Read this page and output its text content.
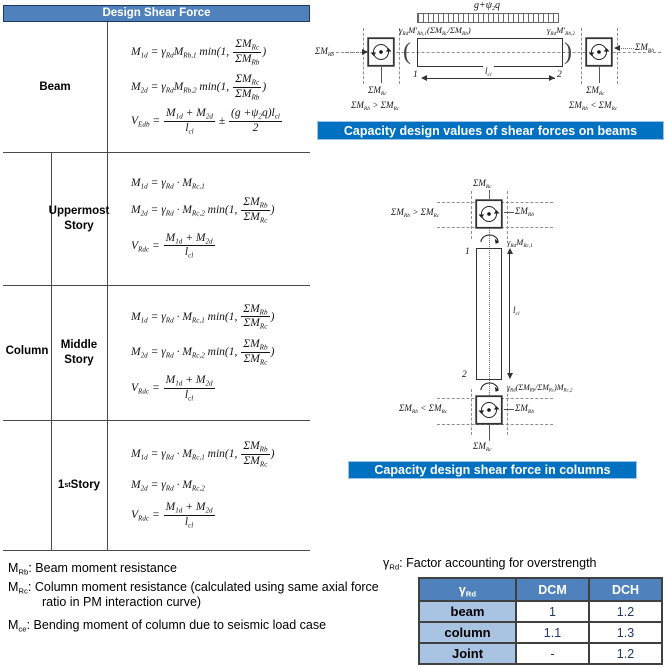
Design Shear Force
Beam
$M_{1d} = \gamma_{Rd}M_{Rb,1}$ min(1, $\frac{\Sigma M_{Rc}}{\Sigma M_{Rb}}$ )
$M_{2d} = \gamma_{Rd}M_{Rb,2}$ min(1, $\frac{\Sigma M_{Rc}}{\Sigma M_{Rb}}$ )
$V_{Edb} = \frac{M_{1d} + M_{2d}}{l_{cl}} \pm \frac{(g +\psi_2q)l_{cl}}{2}$
Column
Uppermost Story
$M_{1d} = \gamma_{Rd} \cdot M_{Rc,1}$
$M_{2d} = \gamma_{Rd} \cdot M_{Rc,2}$ min(1, $\frac{\Sigma M_{Rb}}{\Sigma M_{Rc}}$ )
$V_{Rdc} = \frac{M_{1d} + M_{2d}}{l_{cl}}$
Middle Story
$M_{1d} = \gamma_{Rd} \cdot M_{Rc,1}$ min(1, $\frac{\Sigma M_{Rb}}{\Sigma M_{Rc}}$ )
$M_{2d} = \gamma_{Rd} \cdot M_{Rc,2}$ min(1, $\frac{\Sigma M_{Rb}}{\Sigma M_{Rc}}$ )
$V_{Rdc} = \frac{M_{1d} + M_{2d}}{l_{cl}}$
1 st Story
$M_{1d} = \gamma_{Rd} \cdot M_{Rc,1}$ min(1, $\frac{\Sigma M_{Rb}}{\Sigma M_{Rc}}$ )
$M_{2d} = \gamma_{Rd} \cdot M_{Rc,2}$
$V_{Rdc} = \frac{M_{1d} + M_{2d}}{l_{cl}}$
$g+\psi_2q$
(	)
$\gamma_{Rd}M'_{Rb,1}(\Sigma M_{Rc}/\Sigma M_{Rb})$	$\gamma_{Rd}M'_{Rb,2}$
$\Sigma M_{Rb}$
$\Sigma M_{Rc}$
$\Sigma M_{Rb} > \Sigma M_{Rc}$
$\Sigma M_{Rb}$
$\Sigma M_{Rc}$
$\Sigma M_{Rb} < \Sigma M_{Rc}$
1	2
$l_{cl}$
Capacity design values of shear forces on beams
$\Sigma M_{Rc}$
$\Sigma M_{Rb} > \Sigma M_{Rc}$	$\Sigma M_{Rb}$
1
$\gamma_{Rd}M_{Rc,1}$
$l_{cl}$
2
$\gamma_{Rd}(\Sigma M_{Rb}/\Sigma M_{Rc})M_{Rc,2}$
$\Sigma M_{Rb} < \Sigma M_{Rc}$	$\Sigma M_{Rb}$
$\Sigma M_{Rc}$
Capacity design shear force in columns
$M_{Rb}$: Beam moment resistance
$M_{Rc}$: Column moment resistance (calculated using same axial force ratio in PM interaction curve)
$M_{ce}$: Bending moment of column due to seismic load case
$\gamma_{Rd}$: Factor accounting for overstrength
$\gamma_{Rd}$	DCM	DCH
beam	1	1.2
column	1.1	1.3
Joint	-	1.2
